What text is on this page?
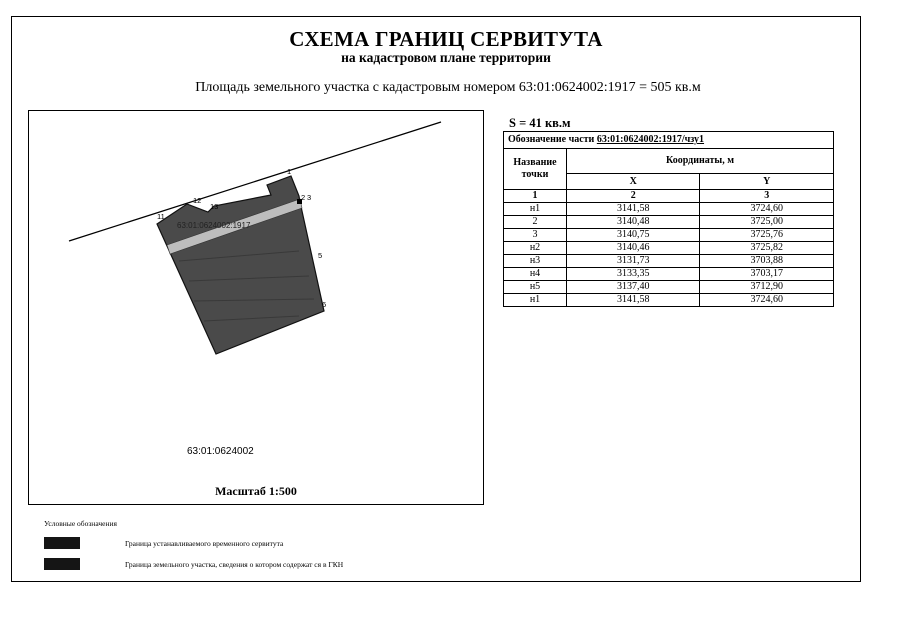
СХЕМА ГРАНИЦ СЕРВИТУТА
на кадастровом плане территории
Площадь земельного участка с кадастровым номером 63:01:0624002:1917 = 505 кв.м
63:01:0624002:1917
1
2 3
5
6
11
12
13
63:01:0624002
Масштаб 1:500
S = 41 кв.м
Обозначение части 63:01:0624002:1917/чзу1		
Название точки	Координаты, м	
	X	Y
1	2	3
н1	3141,58	3724,60
2	3140,48	3725,00
3	3140,75	3725,76
н2	3140,46	3725,82
н3	3131,73	3703,88
н4	3133,35	3703,17
н5	3137,40	3712,90
н1	3141,58	3724,60
Условные обозначения
Граница устанавливаемого временного сервитута
Граница земельного участка, сведения о котором содержат ся в ГКН
